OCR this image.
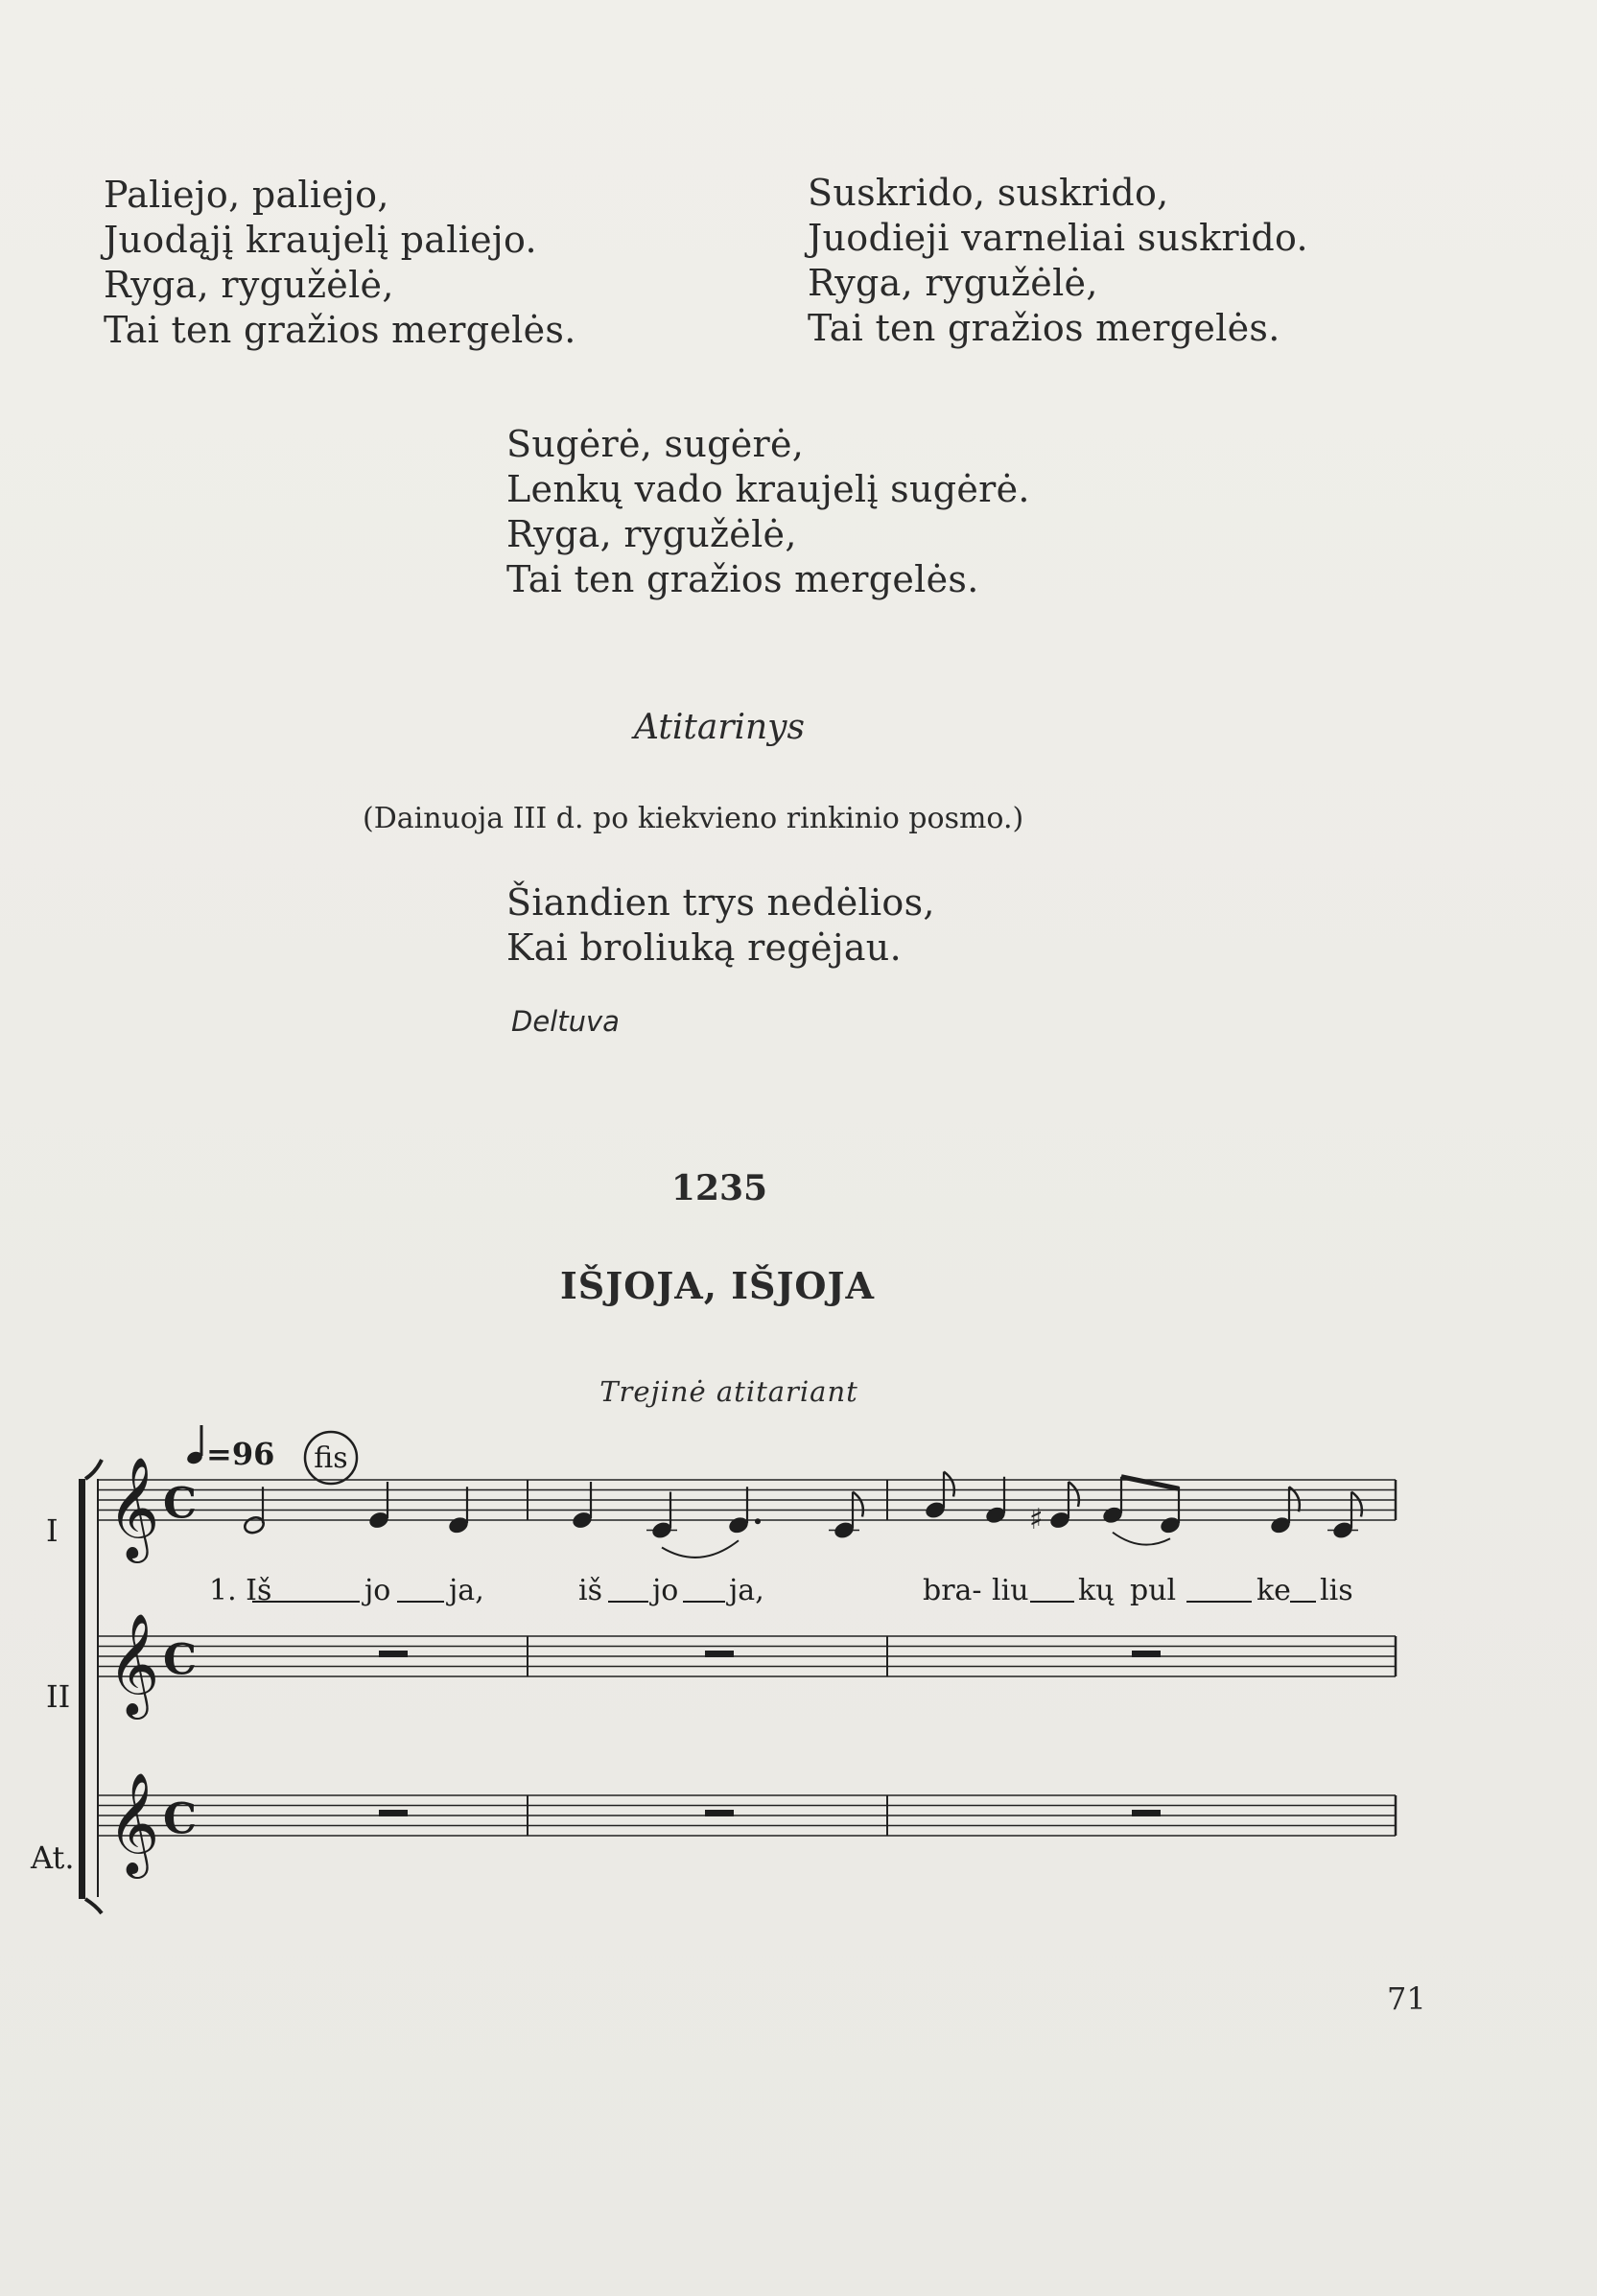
Paliejo, paliejo,
Juodąjį kraujelį paliejo.
Ryga, rygužėlė,
Tai ten gražios mergelės.
Suskrido, suskrido,
Juodieji varneliai suskrido.
Ryga, rygužėlė,
Tai ten gražios mergelės.
Sugėrė, sugėrė,
Lenkų vado kraujelį sugėrė.
Ryga, rygužėlė,
Tai ten gražios mergelės.
Atitarinys
(Dainuoja III d. po kiekvieno rinkinio posmo.)
Šiandien trys nedėlios,
Kai broliuką regėjau.
Deltuva
1235
IŠJOJA, IŠJOJA
Trejinė atitariant
=96 fis
I
II
At.
𝄞 C
𝄞 C
𝄞 C
♯
1. Iš	jo ja,	iš jo ja,	bra- liu kų pul	ke lis
71
